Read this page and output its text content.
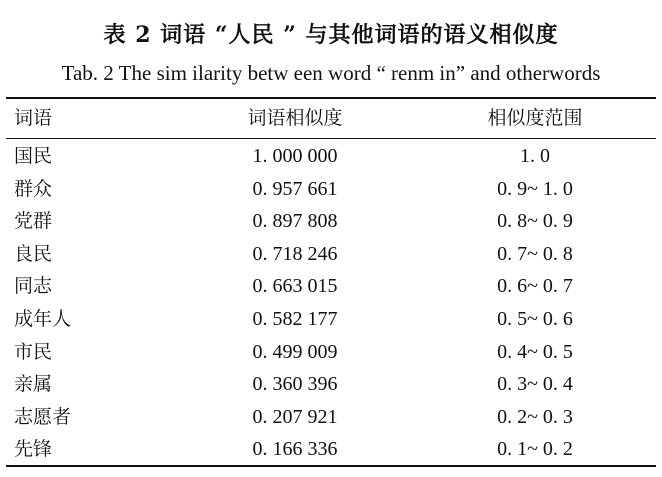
表 2 词语 “人民 ” 与其他词语的语义相似度
Tab. 2 The sim ilarity betw een word “ renm in” and otherwords
词语	词语相似度	相似度范围
国民	1. 000 000	1. 0
群众	0. 957 661	0. 9~ 1. 0
党群	0. 897 808	0. 8~ 0. 9
良民	0. 718 246	0. 7~ 0. 8
同志	0. 663 015	0. 6~ 0. 7
成年人	0. 582 177	0. 5~ 0. 6
市民	0. 499 009	0. 4~ 0. 5
亲属	0. 360 396	0. 3~ 0. 4
志愿者	0. 207 921	0. 2~ 0. 3
先锋	0. 166 336	0. 1~ 0. 2
